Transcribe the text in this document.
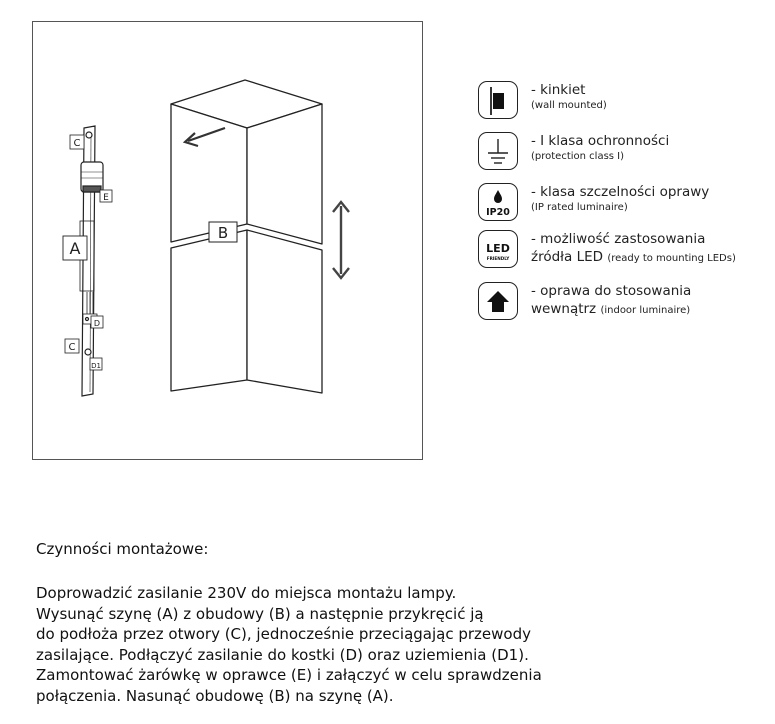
C
E
A
D
C
D1
B
- kinkiet
(wall mounted)
- I klasa ochronności
(protection class I)
IP20
- klasa szczelności oprawy
(IP rated luminaire)
LED
FRIENDLY
- możliwość zastosowania
źródła LED (ready to mounting LEDs)
- oprawa do stosowania
wewnątrz (indoor luminaire)

Czynności montażowe:

Doprowadzić zasilanie 230V do miejsca montażu lampy.
Wysunąć szynę (A) z obudowy (B) a następnie przykręcić ją
do podłoża przez otwory (C), jednocześnie przeciągając przewody
zasilające. Podłączyć zasilanie do kostki (D) oraz uziemienia (D1).
Zamontować żarówkę w oprawce (E) i załączyć w celu sprawdzenia
połączenia. Nasunąć obudowę (B) na szynę (A).
